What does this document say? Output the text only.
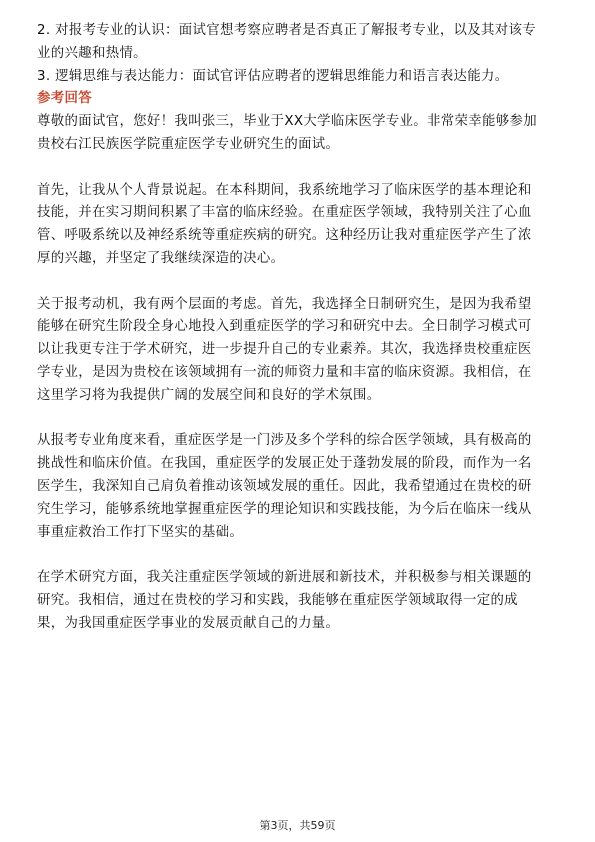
2. 对报考专业的认识：面试官想考察应聘者是否真正了解报考专业，以及其对该专
业的兴趣和热情。
3. 逻辑思维与表达能力：面试官评估应聘者的逻辑思维能力和语言表达能力。
参考回答
尊敬的面试官，您好！我叫张三，毕业于XX大学临床医学专业。非常荣幸能够参加
贵校右江民族医学院重症医学专业研究生的面试。
首先，让我从个人背景说起。在本科期间，我系统地学习了临床医学的基本理论和
技能，并在实习期间积累了丰富的临床经验。在重症医学领域，我特别关注了心血
管、呼吸系统以及神经系统等重症疾病的研究。这种经历让我对重症医学产生了浓
厚的兴趣，并坚定了我继续深造的决心。
关于报考动机，我有两个层面的考虑。首先，我选择全日制研究生，是因为我希望
能够在研究生阶段全身心地投入到重症医学的学习和研究中去。全日制学习模式可
以让我更专注于学术研究，进一步提升自己的专业素养。其次，我选择贵校重症医
学专业，是因为贵校在该领域拥有一流的师资力量和丰富的临床资源。我相信，在
这里学习将为我提供广阔的发展空间和良好的学术氛围。
从报考专业角度来看，重症医学是一门涉及多个学科的综合医学领域，具有极高的
挑战性和临床价值。在我国，重症医学的发展正处于蓬勃发展的阶段，而作为一名
医学生，我深知自己肩负着推动该领域发展的重任。因此，我希望通过在贵校的研
究生学习，能够系统地掌握重症医学的理论知识和实践技能，为今后在临床一线从
事重症救治工作打下坚实的基础。
在学术研究方面，我关注重症医学领域的新进展和新技术，并积极参与相关课题的
研究。我相信，通过在贵校的学习和实践，我能够在重症医学领域取得一定的成
果，为我国重症医学事业的发展贡献自己的力量。
第3页，共59页
